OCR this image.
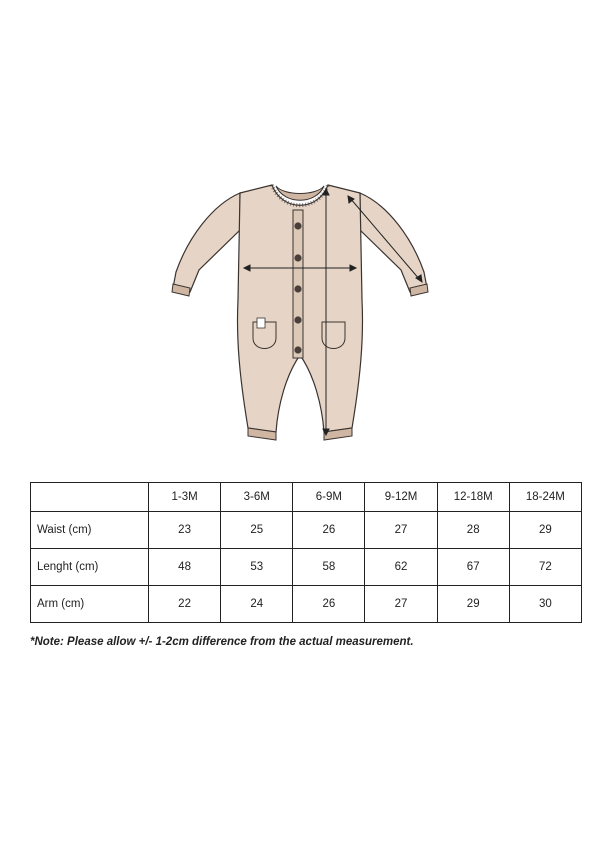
	1-3M	3-6M	6-9M	9-12M	12-18M	18-24M
Waist (cm)	23	25	26	27	28	29
Lenght (cm)	48	53	58	62	67	72
Arm (cm)	22	24	26	27	29	30
*Note: Please allow +/- 1-2cm difference from the actual measurement.
